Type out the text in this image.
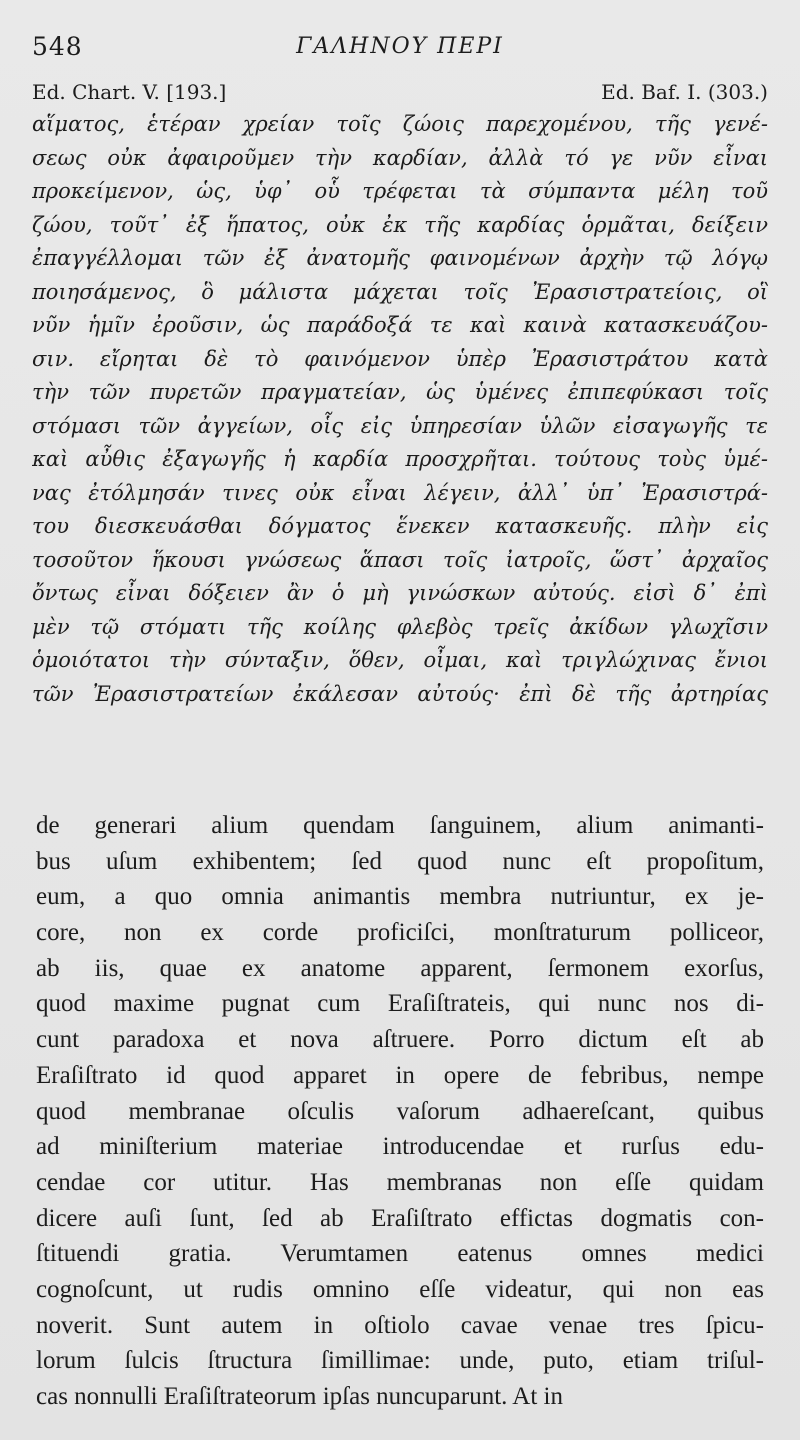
548	ΓΑΛΗΝΟΥ ΠΕΡΙ
Ed. Chart. V. [193.]	Ed. Baf. I. (303.)
αἵματος, ἑτέραν χρείαν τοῖς ζώοις παρεχομένου, τῆς γενέ-
σεως οὐκ ἀφαιροῦμεν τὴν καρδίαν, ἀλλὰ τό γε νῦν εἶναι
προκείμενον, ὡς, ὑφ᾽ οὗ τρέφεται τὰ σύμπαντα μέλη τοῦ
ζώου, τοῦτ᾽ ἐξ ἥπατος, οὐκ ἐκ τῆς καρδίας ὁρμᾶται, δείξειν
ἐπαγγέλλομαι τῶν ἐξ ἀνατομῆς φαινομένων ἀρχὴν τῷ λόγῳ
ποιησάμενος, ὃ μάλιστα μάχεται τοῖς Ἐρασιστρατείοις, οἳ
νῦν ἡμῖν ἐροῦσιν, ὡς παράδοξά τε καὶ καινὰ κατασκευάζου-
σιν. εἴρηται δὲ τὸ φαινόμενον ὑπὲρ Ἐρασιστράτου κατὰ
τὴν τῶν πυρετῶν πραγματείαν, ὡς ὑμένες ἐπιπεφύκασι τοῖς
στόμασι τῶν ἀγγείων, οἷς εἰς ὑπηρεσίαν ὑλῶν εἰσαγωγῆς τε
καὶ αὖθις ἐξαγωγῆς ἡ καρδία προσχρῆται. τούτους τοὺς ὑμέ-
νας ἐτόλμησάν τινες οὐκ εἶναι λέγειν, ἀλλ᾽ ὑπ᾽ Ἐρασιστρά-
του διεσκευάσθαι δόγματος ἕνεκεν κατασκευῆς. πλὴν εἰς
τοσοῦτον ἥκουσι γνώσεως ἅπασι τοῖς ἰατροῖς, ὥστ᾽ ἀρχαῖος
ὄντως εἶναι δόξειεν ἂν ὁ μὴ γινώσκων αὐτούς. εἰσὶ δ᾽ ἐπὶ
μὲν τῷ στόματι τῆς κοίλης φλεβὸς τρεῖς ἀκίδων γλωχῖσιν
ὁμοιότατοι τὴν σύνταξιν, ὅθεν, οἶμαι, καὶ τριγλώχινας ἔνιοι
τῶν Ἐρασιστρατείων ἐκάλεσαν αὐτούς· ἐπὶ δὲ τῆς ἀρτηρίας
de generari alium quendam ſanguinem, alium animanti-
bus uſum exhibentem; ſed quod nunc eſt propoſitum,
eum, a quo omnia animantis membra nutriuntur, ex je-
core, non ex corde proficiſci, monſtraturum polliceor,
ab iis, quae ex anatome apparent, ſermonem exorſus,
quod maxime pugnat cum Eraſiſtrateis, qui nunc nos di-
cunt paradoxa et nova aſtruere. Porro dictum eſt ab
Eraſiſtrato id quod apparet in opere de febribus, nempe
quod membranae oſculis vaſorum adhaereſcant, quibus
ad miniſterium materiae introducendae et rurſus edu-
cendae cor utitur. Has membranas non eſſe quidam
dicere auſi ſunt, ſed ab Eraſiſtrato effictas dogmatis con-
ſtituendi gratia. Verumtamen eatenus omnes medici
cognoſcunt, ut rudis omnino eſſe videatur, qui non eas
noverit. Sunt autem in oſtiolo cavae venae tres ſpicu-
lorum ſulcis ſtructura ſimillimae: unde, puto, etiam triſul-
cas nonnulli Eraſiſtrateorum ipſas nuncuparunt. At in
